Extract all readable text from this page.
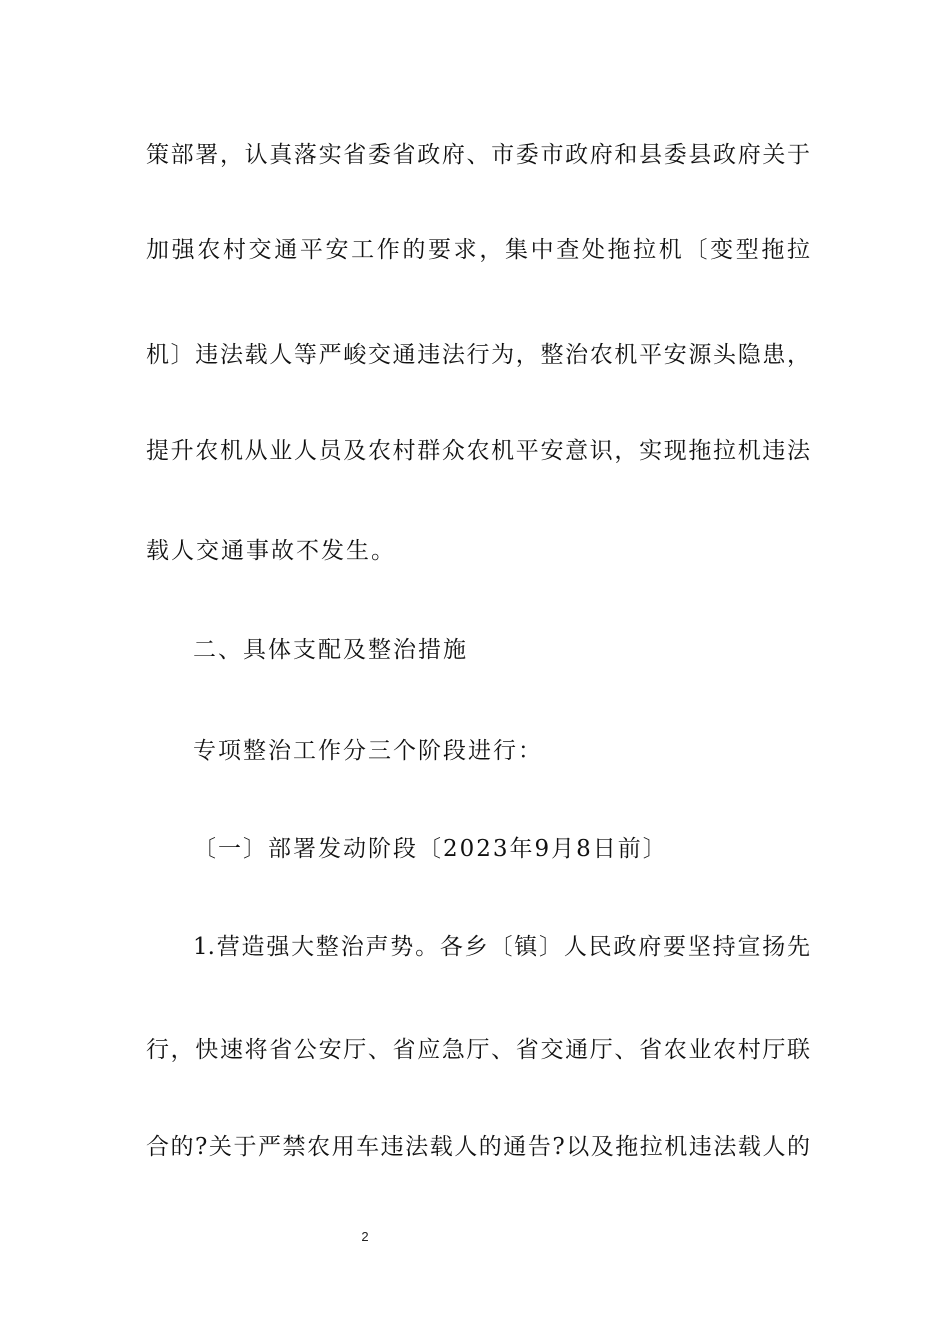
策部署，认真落实省委省政府、市委市政府和县委县政府关于
加强农村交通平安工作的要求，集中查处拖拉机〔变型拖拉
机〕违法载人等严峻交通违法行为，整治农机平安源头隐患，
提升农机从业人员及农村群众农机平安意识，实现拖拉机违法
载人交通事故不发生。
二、具体支配及整治措施
专项整治工作分三个阶段进行：
〔一〕部署发动阶段〔2023年9月8日前〕
1.营造强大整治声势。各乡〔镇〕人民政府要坚持宣扬先
行，快速将省公安厅、省应急厅、省交通厅、省农业农村厅联
合的?关于严禁农用车违法载人的通告?以及拖拉机违法载人的
2
